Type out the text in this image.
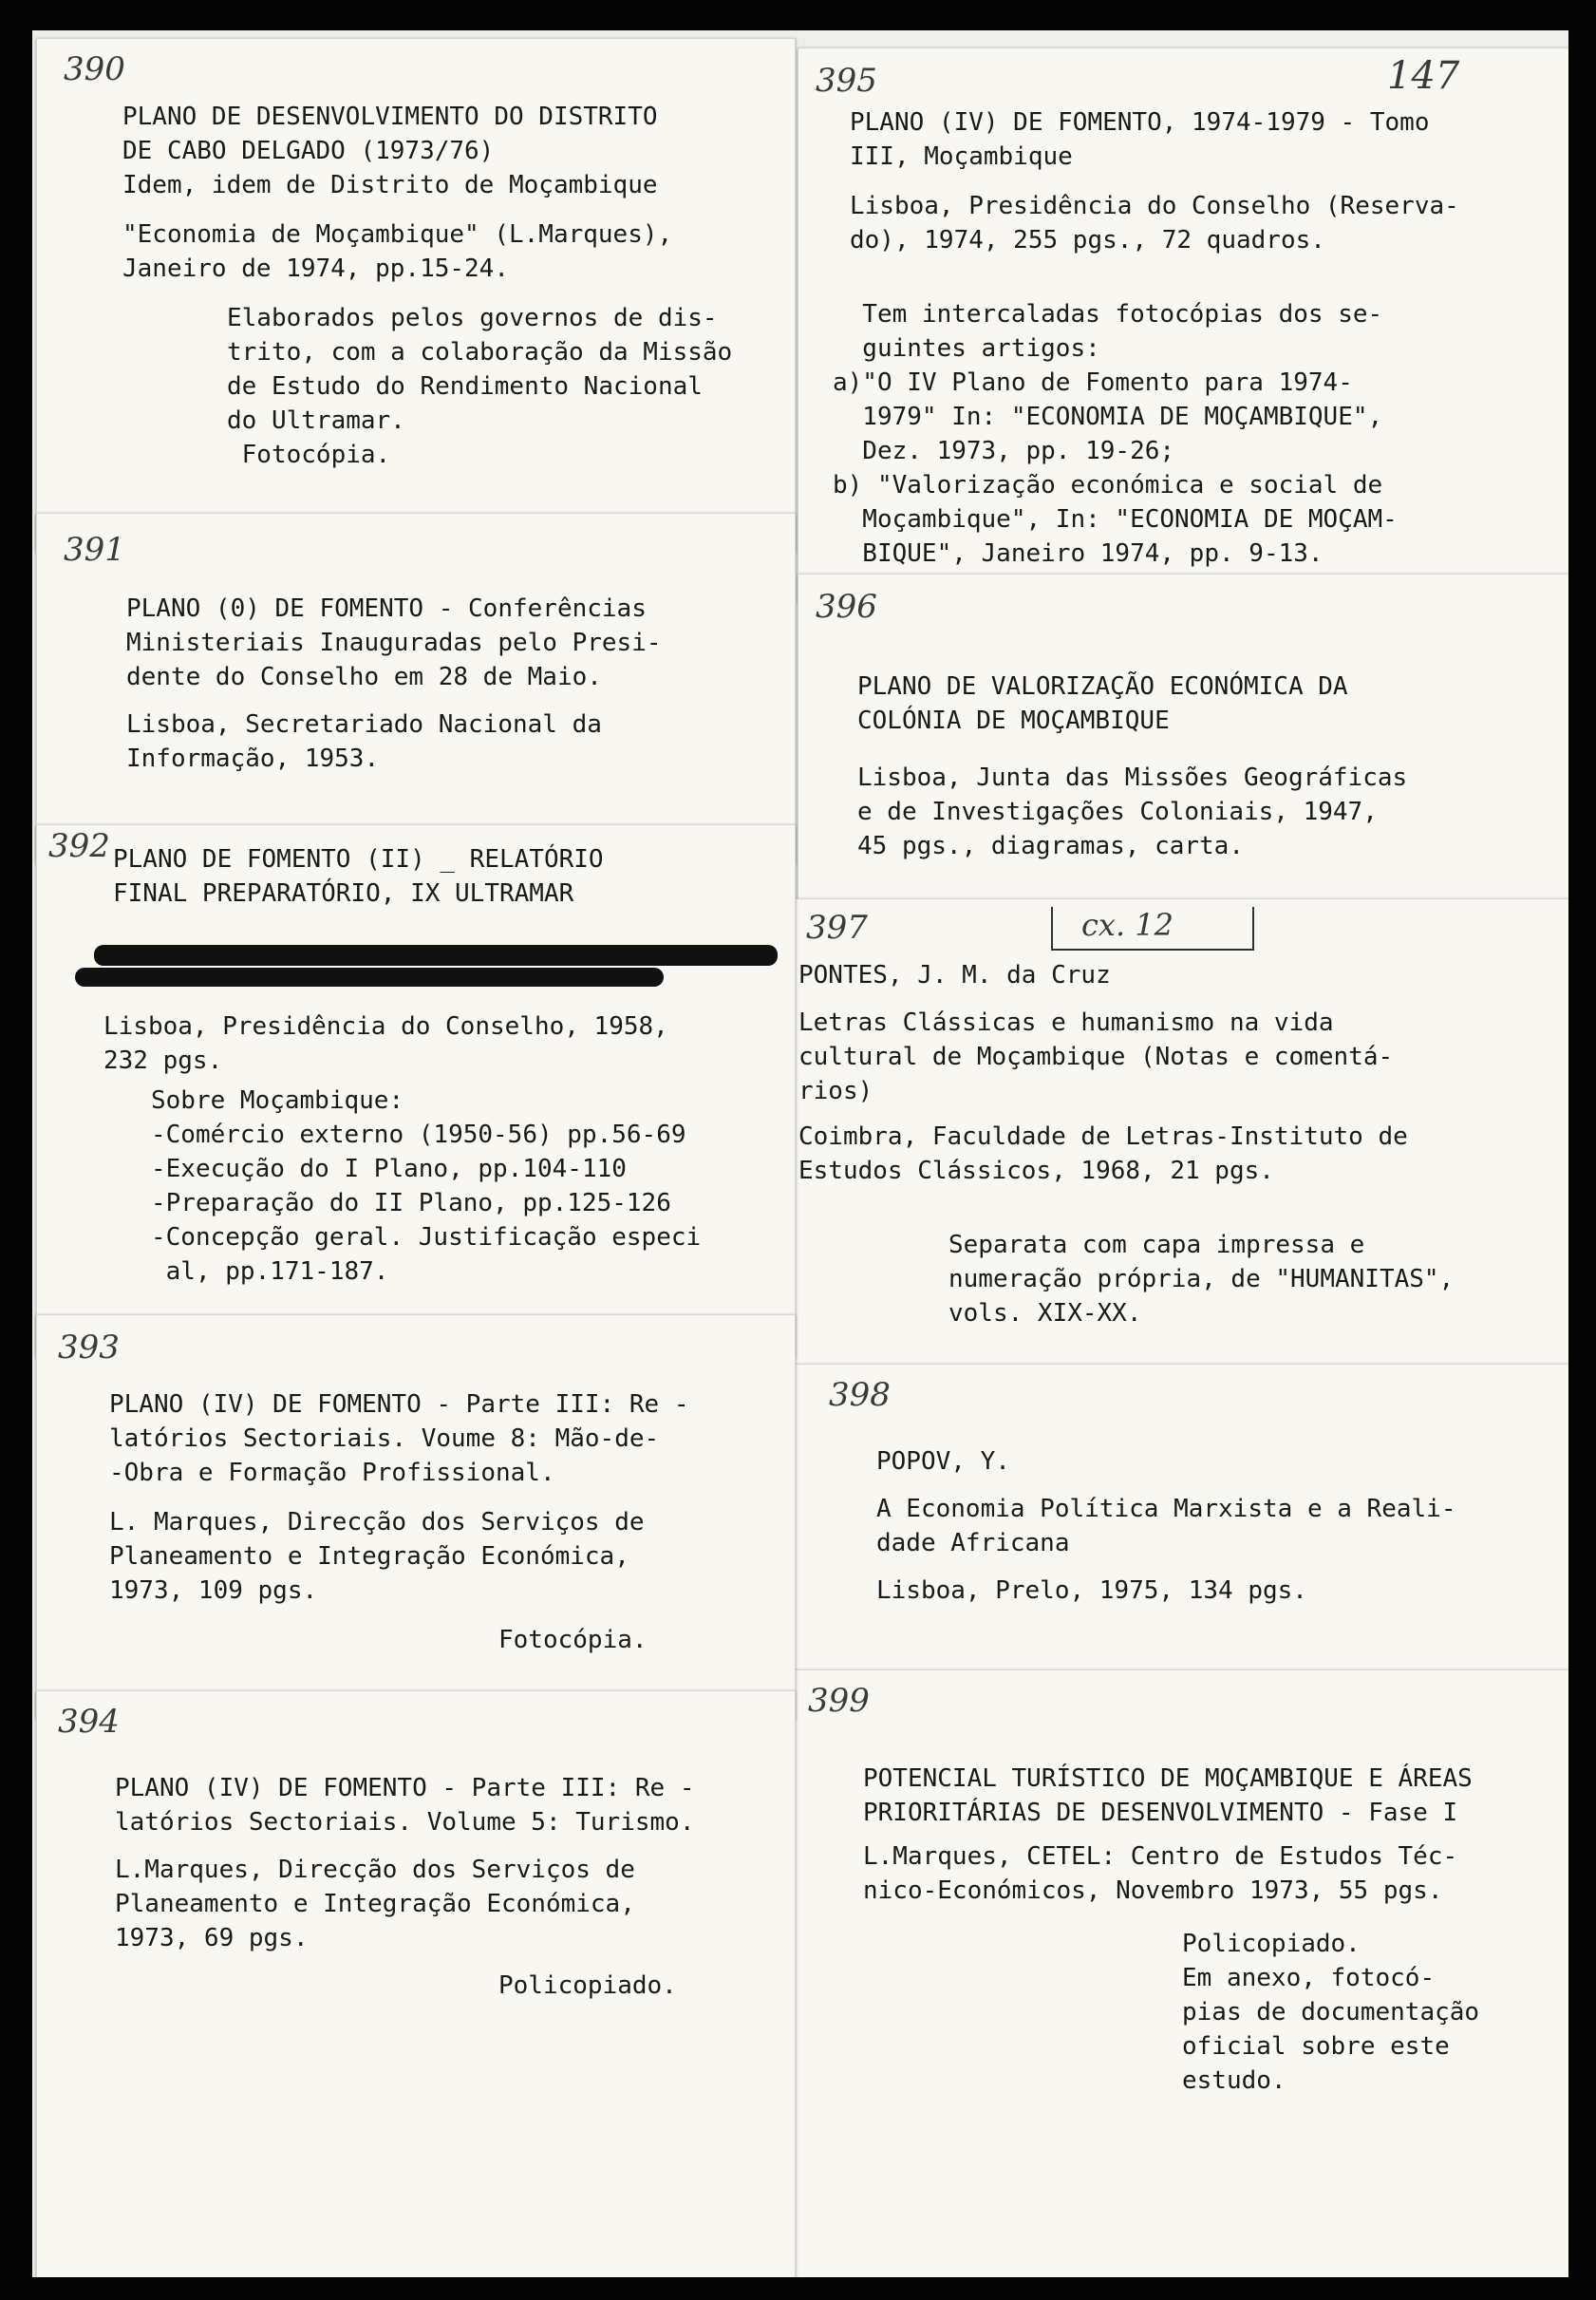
395	147
PLANO (IV) DE FOMENTO, 1974-1979 - Tomo
III, Moçambique
Lisboa, Presidência do Conselho (Reserva-
do), 1974, 255 pgs., 72 quadros.
Tem intercaladas fotocópias dos se-
guintes artigos:
a)"O IV Plano de Fomento para 1974-
1979" In: "ECONOMIA DE MOÇAMBIQUE",
Dez. 1973, pp. 19-26;
b) "Valorização económica e social de
Moçambique", In: "ECONOMIA DE MOÇAM-
BIQUE", Janeiro 1974, pp. 9-13.
396
PLANO DE VALORIZAÇÃO ECONÓMICA DA
COLÓNIA DE MOÇAMBIQUE
Lisboa, Junta das Missões Geográficas
e de Investigações Coloniais, 1947,
45 pgs., diagramas, carta.
397	cx. 12
PONTES, J. M. da Cruz
Letras Clássicas e humanismo na vida
cultural de Moçambique (Notas e comentá-
rios)
Coimbra, Faculdade de Letras-Instituto de
Estudos Clássicos, 1968, 21 pgs.
Separata com capa impressa e
numeração própria, de "HUMANITAS",
vols. XIX-XX.
398
POPOV, Y.
A Economia Política Marxista e a Reali-
dade Africana
Lisboa, Prelo, 1975, 134 pgs.
399
POTENCIAL TURÍSTICO DE MOÇAMBIQUE E ÁREAS
PRIORITÁRIAS DE DESENVOLVIMENTO - Fase I
L.Marques, CETEL: Centro de Estudos Téc-
nico-Económicos, Novembro 1973, 55 pgs.
Policopiado.
Em anexo, fotocó-
pias de documentação
oficial sobre este
estudo.
390
PLANO DE DESENVOLVIMENTO DO DISTRITO
DE CABO DELGADO (1973/76)
Idem, idem de Distrito de Moçambique
"Economia de Moçambique" (L.Marques),
Janeiro de 1974, pp.15-24.
Elaborados pelos governos de dis-
trito, com a colaboração da Missão
de Estudo do Rendimento Nacional
do Ultramar.
Fotocópia.
391
PLANO (0) DE FOMENTO - Conferências
Ministeriais Inauguradas pelo Presi-
dente do Conselho em 28 de Maio.
Lisboa, Secretariado Nacional da
Informação, 1953.
392 PLANO DE FOMENTO (II) _ RELATÓRIO
FINAL PREPARATÓRIO, IX ULTRAMAR
Lisboa, Presidência do Conselho, 1958,
232 pgs.
Sobre Moçambique:
-Comércio externo (1950-56) pp.56-69
-Execução do I Plano, pp.104-110
-Preparação do II Plano, pp.125-126
-Concepção geral. Justificação especi
al, pp.171-187.
393
PLANO (IV) DE FOMENTO - Parte III: Re -
latórios Sectoriais. Voume 8: Mão-de-
-Obra e Formação Profissional.
L. Marques, Direcção dos Serviços de
Planeamento e Integração Económica,
1973, 109 pgs.
Fotocópia.
394
PLANO (IV) DE FOMENTO - Parte III: Re -
latórios Sectoriais. Volume 5: Turismo.
L.Marques, Direcção dos Serviços de
Planeamento e Integração Económica,
1973, 69 pgs.
Policopiado.
